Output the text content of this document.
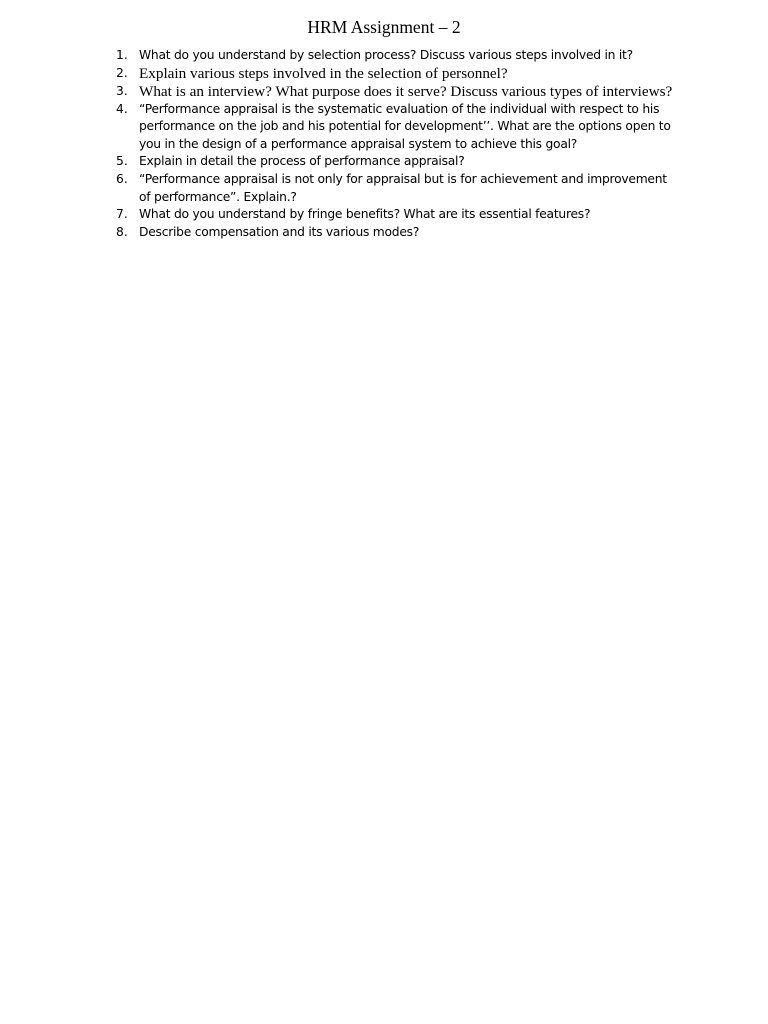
HRM Assignment – 2
1. What do you understand by selection process? Discuss various steps involved in it?
2. Explain various steps involved in the selection of personnel?
3. What is an interview? What purpose does it serve? Discuss various types of interviews?
4. “Performance appraisal is the systematic evaluation of the individual with respect to his performance on the job and his potential for development’’. What are the options open to you in the design of a performance appraisal system to achieve this goal?
5. Explain in detail the process of performance appraisal?
6. “Performance appraisal is not only for appraisal but is for achievement and improvement of performance”. Explain.?
7. What do you understand by fringe benefits? What are its essential features?
8. Describe compensation and its various modes?
